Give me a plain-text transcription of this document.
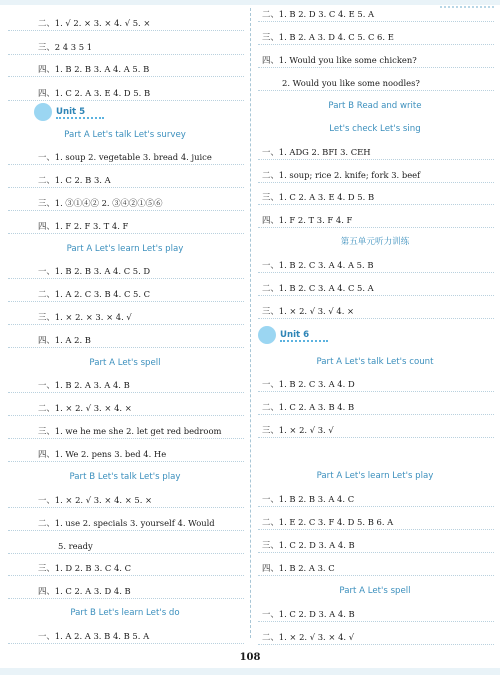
二、1. √ 2. × 3. × 4. √ 5. ×
三、2 4 3 5 1
四、1. B 2. B 3. A 4. A 5. B
四、1. C 2. A 3. E 4. D 5. B
Unit 5
Part A Let's talk Let's survey
一、1. soup 2. vegetable 3. bread 4. juice
二、1. C 2. B 3. A
三、1. ③①④② 2. ③④②①⑤⑥
四、1. F 2. F 3. T 4. F
Part A Let's learn Let's play
一、1. B 2. B 3. A 4. C 5. D
二、1. A 2. C 3. B 4. C 5. C
三、1. × 2. × 3. × 4. √
四、1. A 2. B
Part A Let's spell
一、1. B 2. A 3. A 4. B
二、1. × 2. √ 3. × 4. ×
三、1. we he me she 2. let get red bedroom
四、1. We 2. pens 3. bed 4. He
Part B Let's talk Let's play
一、1. × 2. √ 3. × 4. × 5. ×
二、1. use 2. specials 3. yourself 4. Would
5. ready
三、1. D 2. B 3. C 4. C
四、1. C 2. A 3. D 4. B
Part B Let's learn Let's do
一、1. A 2. A 3. B 4. B 5. A
二、1. B 2. D 3. C 4. E 5. A
三、1. B 2. A 3. D 4. C 5. C 6. E
四、1. Would you like some chicken?
2. Would you like some noodles?
Part B Read and write
Let's check Let's sing
一、1. ADG 2. BFI 3. CEH
二、1. soup; rice 2. knife; fork 3. beef
三、1. C 2. A 3. E 4. D 5. B
四、1. F 2. T 3. F 4. F
第五单元听力训练
一、1. B 2. C 3. A 4. A 5. B
二、1. B 2. C 3. A 4. C 5. A
三、1. × 2. √ 3. √ 4. ×
Unit 6
Part A Let's talk Let's count
一、1. B 2. C 3. A 4. D
二、1. C 2. A 3. B 4. B
三、1. × 2. √ 3. √
Part A Let's learn Let's play
一、1. B 2. B 3. A 4. C
二、1. E 2. C 3. F 4. D 5. B 6. A
三、1. C 2. D 3. A 4. B
四、1. B 2. A 3. C
Part A Let's spell
一、1. C 2. D 3. A 4. B
二、1. × 2. √ 3. × 4. √
108
